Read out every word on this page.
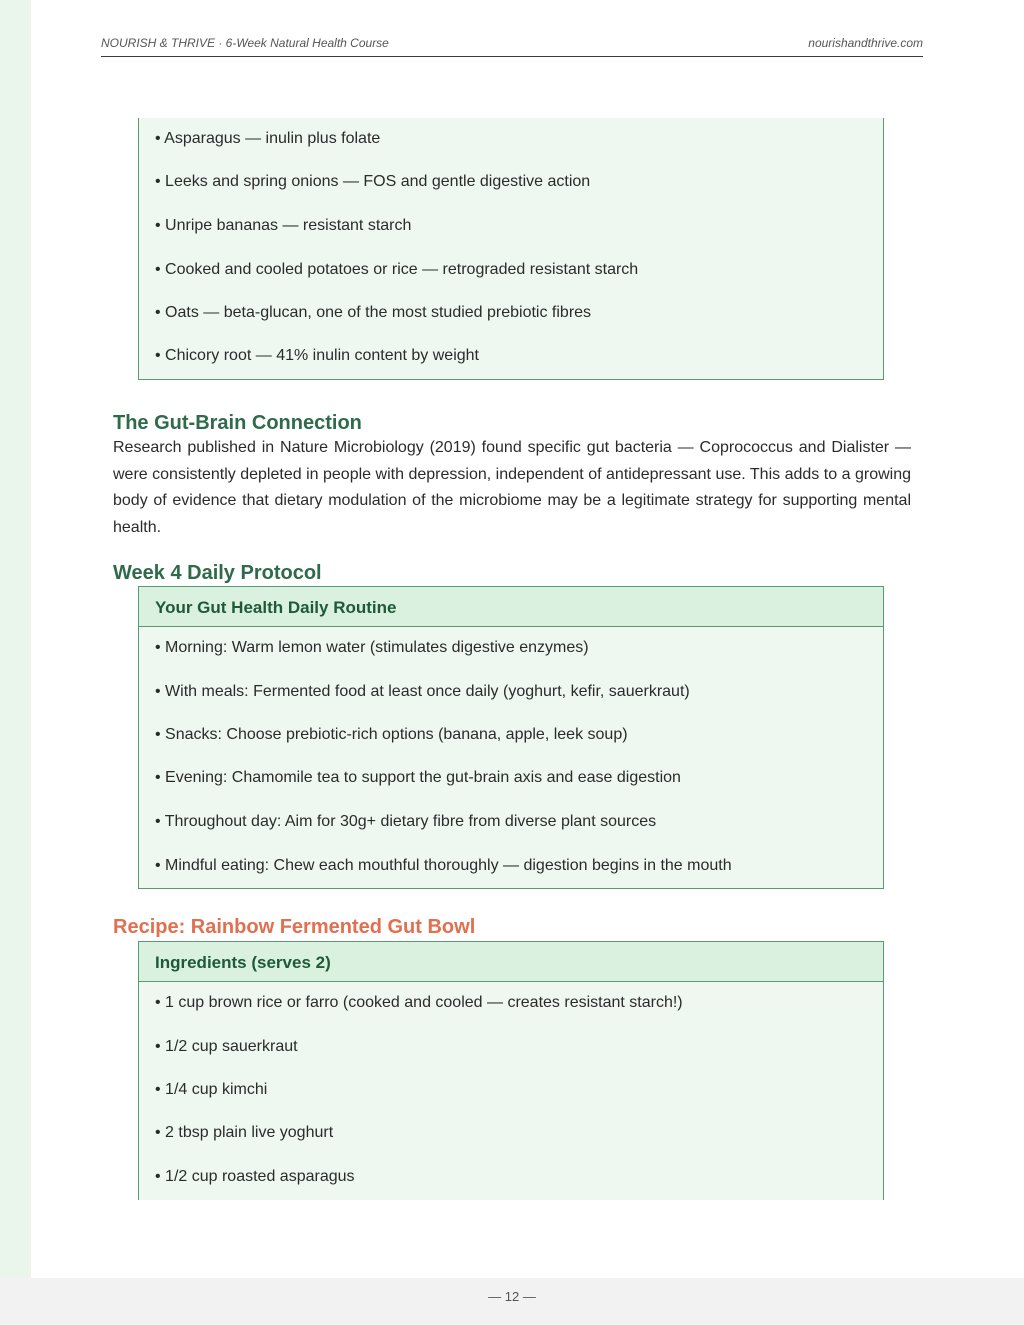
NOURISH & THRIVE · 6-Week Natural Health Course	nourishandthrive.com
• Asparagus — inulin plus folate
• Leeks and spring onions — FOS and gentle digestive action
• Unripe bananas — resistant starch
• Cooked and cooled potatoes or rice — retrograded resistant starch
• Oats — beta-glucan, one of the most studied prebiotic fibres
• Chicory root — 41% inulin content by weight
The Gut-Brain Connection
Research published in Nature Microbiology (2019) found specific gut bacteria — Coprococcus and Dialister — were consistently depleted in people with depression, independent of antidepressant use. This adds to a growing body of evidence that dietary modulation of the microbiome may be a legitimate strategy for supporting mental health.
Week 4 Daily Protocol
Your Gut Health Daily Routine
• Morning: Warm lemon water (stimulates digestive enzymes)
• With meals: Fermented food at least once daily (yoghurt, kefir, sauerkraut)
• Snacks: Choose prebiotic-rich options (banana, apple, leek soup)
• Evening: Chamomile tea to support the gut-brain axis and ease digestion
• Throughout day: Aim for 30g+ dietary fibre from diverse plant sources
• Mindful eating: Chew each mouthful thoroughly — digestion begins in the mouth
Recipe: Rainbow Fermented Gut Bowl
Ingredients (serves 2)
• 1 cup brown rice or farro (cooked and cooled — creates resistant starch!)
• 1/2 cup sauerkraut
• 1/4 cup kimchi
• 2 tbsp plain live yoghurt
• 1/2 cup roasted asparagus
— 12 —
